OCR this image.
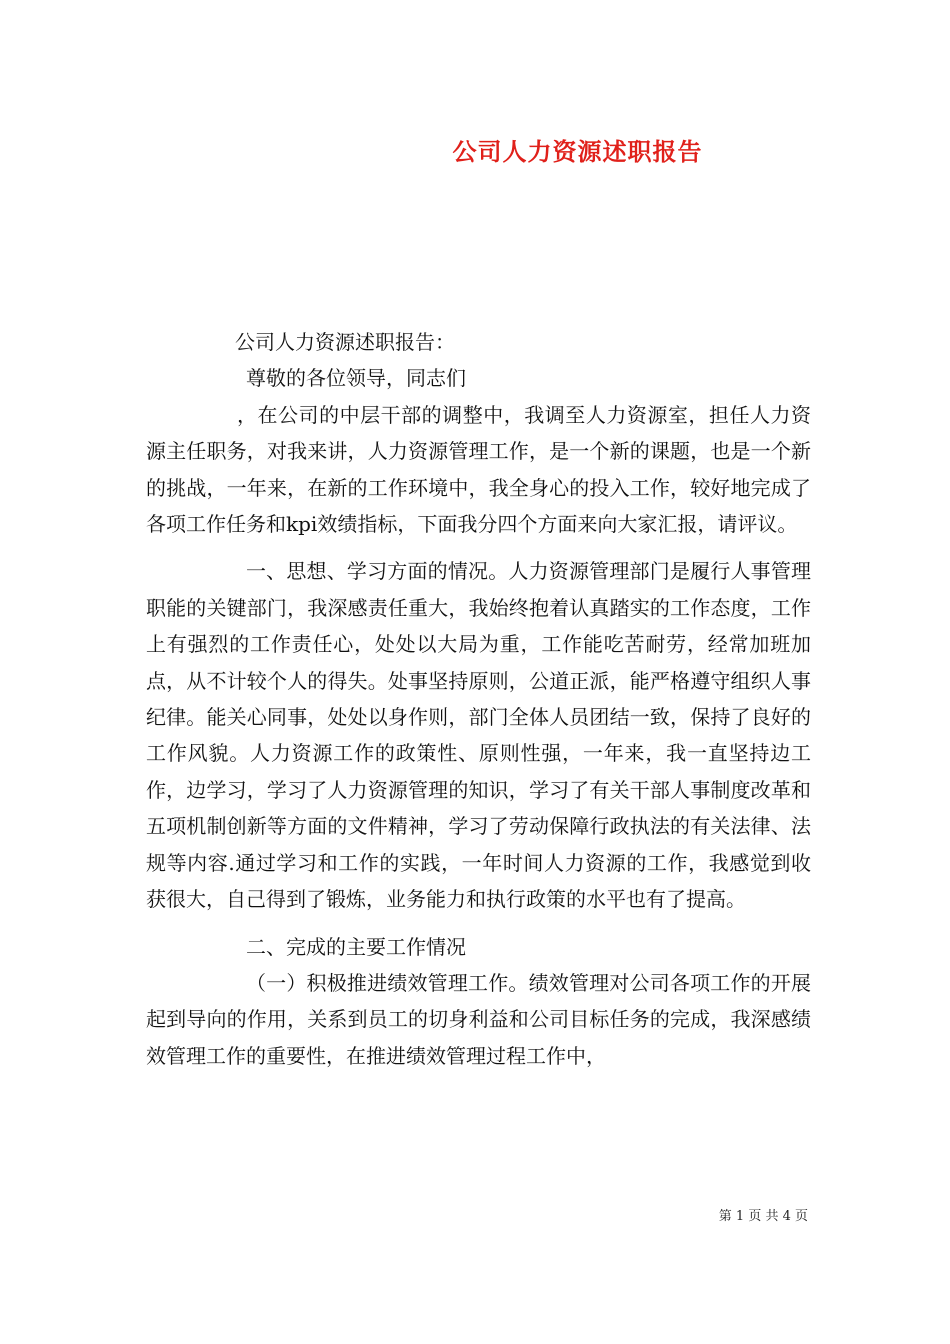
公司人力资源述职报告

公司人力资源述职报告：

尊敬的各位领导，同志们

，在公司的中层干部的调整中，我调至人力资源室，担任人力资源主任职务，对我来讲，人力资源管理工作，是一个新的课题，也是一个新的挑战，一年来，在新的工作环境中，我全身心的投入工作，较好地完成了各项工作任务和kpi效绩指标，下面我分四个方面来向大家汇报，请评议。

一、思想、学习方面的情况。人力资源管理部门是履行人事管理职能的关键部门，我深感责任重大，我始终抱着认真踏实的工作态度，工作上有强烈的工作责任心，处处以大局为重，工作能吃苦耐劳，经常加班加点，从不计较个人的得失。处事坚持原则，公道正派，能严格遵守组织人事纪律。能关心同事，处处以身作则，部门全体人员团结一致，保持了良好的工作风貌。人力资源工作的政策性、原则性强，一年来，我一直坚持边工作，边学习，学习了人力资源管理的知识，学习了有关干部人事制度改革和五项机制创新等方面的文件精神，学习了劳动保障行政执法的有关法律、法规等内容.通过学习和工作的实践，一年时间人力资源的工作，我感觉到收获很大，自己得到了锻炼，业务能力和执行政策的水平也有了提高。

二、完成的主要工作情况

（一）积极推进绩效管理工作。绩效管理对公司各项工作的开展起到导向的作用，关系到员工的切身利益和公司目标任务的完成，我深感绩效管理工作的重要性，在推进绩效管理过程工作中，

第 1 页 共 4 页
